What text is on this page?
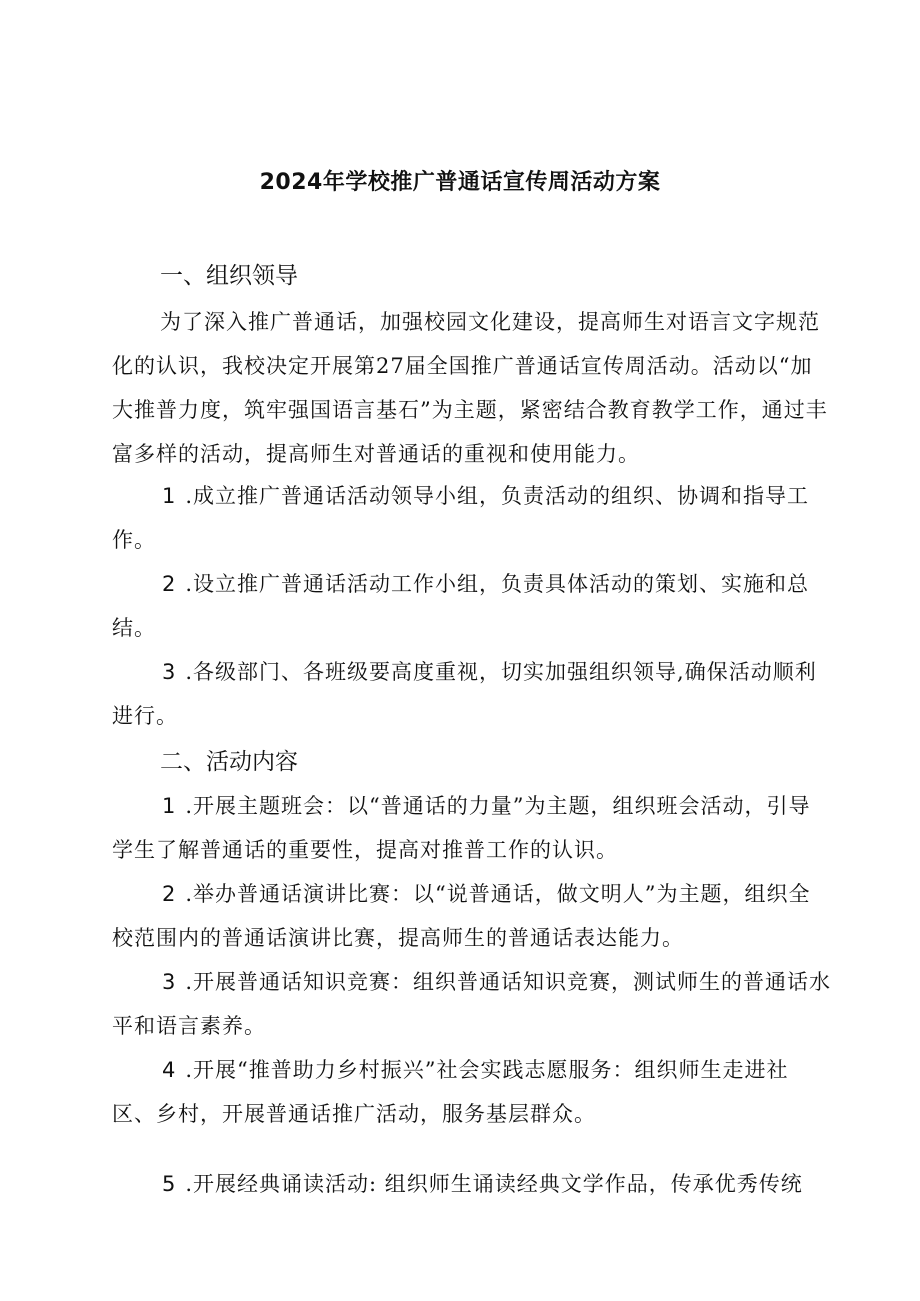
2024年学校推广普通话宣传周活动方案
一、组织领导

为了深入推广普通话，加强校园文化建设，提高师生对语言文字规范化的认识，我校决定开展第27届全国推广普通话宣传周活动。活动以“加大推普力度，筑牢强国语言基石”为主题，紧密结合教育教学工作，通过丰富多样的活动，提高师生对普通话的重视和使用能力。

1 .成立推广普通话活动领导小组，负责活动的组织、协调和指导工作。

2 .设立推广普通话活动工作小组，负责具体活动的策划、实施和总结。

3 .各级部门、各班级要高度重视，切实加强组织领导,确保活动顺利进行。

二、活动内容

1 .开展主题班会：以“普通话的力量”为主题，组织班会活动，引导学生了解普通话的重要性，提高对推普工作的认识。

2 .举办普通话演讲比赛：以“说普通话，做文明人”为主题，组织全校范围内的普通话演讲比赛，提高师生的普通话表达能力。

3 .开展普通话知识竞赛：组织普通话知识竞赛，测试师生的普通话水平和语言素养。

4 .开展“推普助力乡村振兴”社会实践志愿服务：组织师生走进社区、乡村，开展普通话推广活动，服务基层群众。

5 .开展经典诵读活动: 组织师生诵读经典文学作品，传承优秀传统
